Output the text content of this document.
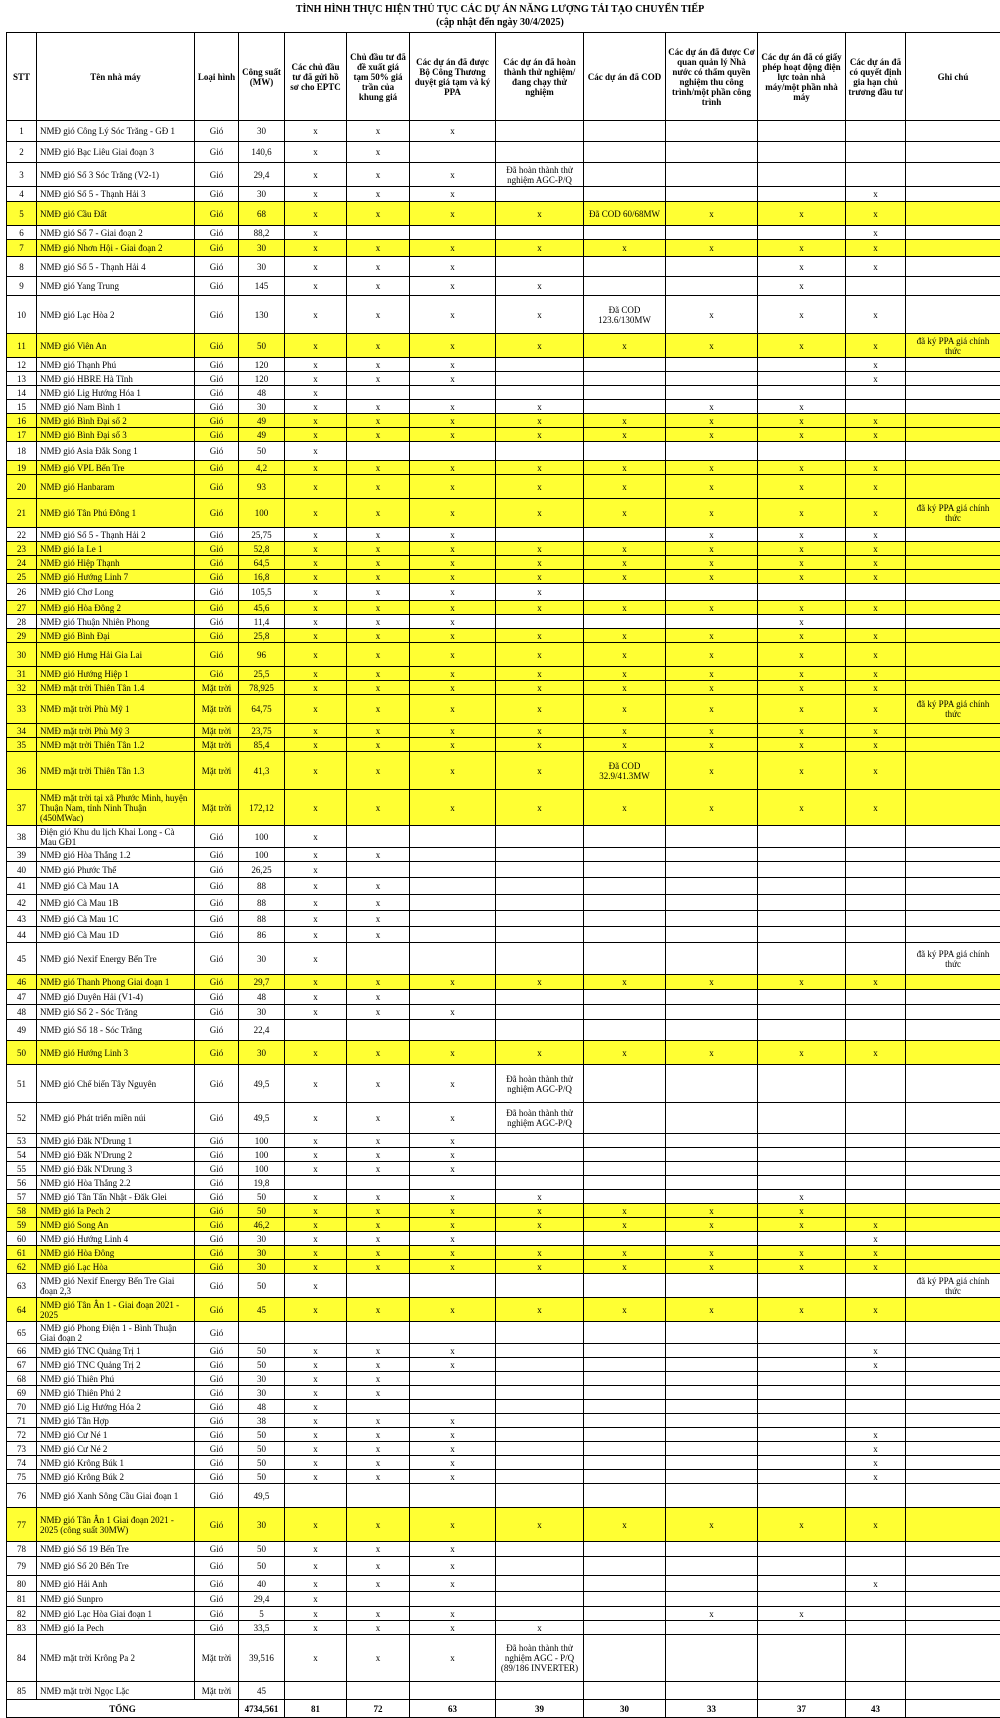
TÌNH HÌNH THỰC HIỆN THỦ TỤC CÁC DỰ ÁN NĂNG LƯỢNG TÁI TẠO CHUYỂN TIẾP
(cập nhật đến ngày 30/4/2025)
STT	Tên nhà máy	Loại hình	Công suất (MW)	Các chủ đầu tư đã gửi hồ sơ cho EPTC	Chủ đầu tư đã đề xuất giá tạm 50% giá trần của khung giá	Các dự án đã được Bộ Công Thương duyệt giá tạm và ký PPA	Các dự án đã hoàn thành thử nghiệm/đang chạy thử nghiệm	Các dự án đã COD	Các dự án đã được Cơ quan quản lý Nhà nước có thẩm quyền nghiệm thu công trình/một phần công trình	Các dự án đã có giấy phép hoạt động điện lực toàn nhà máy/một phần nhà máy	Các dự án đã có quyết định gia hạn chủ trương đầu tư	Ghi chú
1	NMĐ gió Công Lý Sóc Trăng - GĐ 1	Gió	30	x	x	x						
2	NMĐ gió Bạc Liêu Giai đoạn 3	Gió	140,6	x	x							
3	NMĐ gió Số 3 Sóc Trăng (V2-1)	Gió	29,4	x	x	x	Đã hoàn thành thử nghiệm AGC-P/Q					
4	NMĐ gió Số 5 - Thạnh Hải 3	Gió	30	x	x	x					x	
5	NMĐ gió Cầu Đất	Gió	68	x	x	x	x	Đã COD 60/68MW	x	x	x	
6	NMĐ gió Số 7 - Giai đoạn 2	Gió	88,2	x							x	
7	NMĐ gió Nhơn Hội - Giai đoạn 2	Gió	30	x	x	x	x	x	x	x	x	
8	NMĐ gió Số 5 - Thạnh Hải 4	Gió	30	x	x	x				x	x	
9	NMĐ gió Yang Trung	Gió	145	x	x	x	x			x		
10	NMĐ gió Lạc Hòa 2	Gió	130	x	x	x	x	Đã COD 123.6/130MW	x	x	x	
11	NMĐ gió Viên An	Gió	50	x	x	x	x	x	x	x	x	đã ký PPA giá chính thức
12	NMĐ gió Thạnh Phú	Gió	120	x	x	x					x	
13	NMĐ gió HBRE Hà Tĩnh	Gió	120	x	x	x					x	
14	NMĐ gió Lig Hướng Hóa 1	Gió	48	x								
15	NMĐ gió Nam Bình 1	Gió	30	x	x	x	x		x	x		
16	NMĐ gió Bình Đại số 2	Gió	49	x	x	x	x	x	x	x	x	
17	NMĐ gió Bình Đại số 3	Gió	49	x	x	x	x	x	x	x	x	
18	NMĐ gió Asia Đắk Song 1	Gió	50	x								
19	NMĐ gió VPL Bến Tre	Gió	4,2	x	x	x	x	x	x	x	x	
20	NMĐ gió Hanbaram	Gió	93	x	x	x	x	x	x	x	x	
21	NMĐ gió Tân Phú Đông 1	Gió	100	x	x	x	x	x	x	x	x	đã ký PPA giá chính thức
22	NMĐ gió Số 5 - Thạnh Hải 2	Gió	25,75	x	x	x			x	x	x	
23	NMĐ gió Ia Le 1	Gió	52,8	x	x	x	x	x	x	x	x	
24	NMĐ gió Hiệp Thạnh	Gió	64,5	x	x	x	x	x	x	x	x	
25	NMĐ gió Hướng Linh 7	Gió	16,8	x	x	x	x	x	x	x	x	
26	NMĐ gió Chơ Long	Gió	105,5	x	x	x	x					
27	NMĐ gió Hòa Đông 2	Gió	45,6	x	x	x	x	x	x	x	x	
28	NMĐ gió Thuận Nhiên Phong	Gió	11,4	x	x	x				x		
29	NMĐ gió Bình Đại	Gió	25,8	x	x	x	x	x	x	x	x	
30	NMĐ gió Hưng Hải Gia Lai	Gió	96	x	x	x	x	x	x	x	x	
31	NMĐ gió Hướng Hiệp 1	Gió	25,5	x	x	x	x	x	x	x	x	
32	NMĐ mặt trời Thiên Tân 1.4	Mặt trời	78,925	x	x	x	x	x	x	x	x	
33	NMĐ mặt trời Phù Mỹ 1	Mặt trời	64,75	x	x	x	x	x	x	x	x	đã ký PPA giá chính thức
34	NMĐ mặt trời Phù Mỹ 3	Mặt trời	23,75	x	x	x	x	x	x	x	x	
35	NMĐ mặt trời Thiên Tân 1.2	Mặt trời	85,4	x	x	x	x	x	x	x	x	
36	NMĐ mặt trời Thiên Tân 1.3	Mặt trời	41,3	x	x	x	x	Đã COD 32.9/41.3MW	x	x	x	
37	NMĐ mặt trời tại xã Phước Minh, huyện Thuận Nam, tỉnh Ninh Thuận (450MWac)	Mặt trời	172,12	x	x	x	x	x	x	x	x	
38	Điện gió Khu du lịch Khai Long - Cà Mau GĐ1	Gió	100	x								
39	NMĐ gió Hòa Thắng 1.2	Gió	100	x	x							
40	NMĐ gió Phước Thể	Gió	26,25	x								
41	NMĐ gió Cà Mau 1A	Gió	88	x	x							
42	NMĐ gió Cà Mau 1B	Gió	88	x	x							
43	NMĐ gió Cà Mau 1C	Gió	88	x	x							
44	NMĐ gió Cà Mau 1D	Gió	86	x	x							
45	NMĐ gió Nexif Energy Bến Tre	Gió	30	x								đã ký PPA giá chính thức
46	NMĐ gió Thanh Phong Giai đoạn 1	Gió	29,7	x	x	x	x	x	x	x	x	
47	NMĐ gió Duyên Hải (V1-4)	Gió	48	x	x							
48	NMĐ gió Số 2 - Sóc Trăng	Gió	30	x	x	x						
49	NMĐ gió Số 18 - Sóc Trăng	Gió	22,4									
50	NMĐ gió Hướng Linh 3	Gió	30	x	x	x	x	x	x	x	x	
51	NMĐ gió Chế biến Tây Nguyên	Gió	49,5	x	x	x	Đã hoàn thành thử nghiệm AGC-P/Q					
52	NMĐ gió Phát triển miền núi	Gió	49,5	x	x	x	Đã hoàn thành thử nghiệm AGC-P/Q					
53	NMĐ gió Đăk N'Drung 1	Gió	100	x	x	x						
54	NMĐ gió Đăk N'Drung 2	Gió	100	x	x	x						
55	NMĐ gió Đăk N'Drung 3	Gió	100	x	x	x						
56	NMĐ gió Hòa Thắng 2.2	Gió	19,8									
57	NMĐ gió Tân Tấn Nhật - Đăk Glei	Gió	50	x	x	x	x			x		
58	NMĐ gió Ia Pech 2	Gió	50	x	x	x	x	x	x	x		
59	NMĐ gió Song An	Gió	46,2	x	x	x	x	x	x	x	x	
60	NMĐ gió Hướng Linh 4	Gió	30	x	x	x					x	
61	NMĐ gió Hòa Đông	Gió	30	x	x	x	x	x	x	x	x	
62	NMĐ gió Lạc Hòa	Gió	30	x	x	x	x	x	x	x	x	
63	NMĐ gió Nexif Energy Bến Tre Giai đoạn 2,3	Gió	50	x								đã ký PPA giá chính thức
64	NMĐ gió Tân Ân 1 - Giai đoạn 2021 - 2025	Gió	45	x	x	x	x	x	x	x	x	
65	NMĐ gió Phong Điện 1 - Bình Thuận Giai đoạn 2	Gió										
66	NMĐ gió TNC Quảng Trị 1	Gió	50	x	x	x					x	
67	NMĐ gió TNC Quảng Trị 2	Gió	50	x	x	x					x	
68	NMĐ gió Thiên Phú	Gió	30	x	x							
69	NMĐ gió Thiên Phú 2	Gió	30	x	x							
70	NMĐ gió Lig Hướng Hóa 2	Gió	48	x								
71	NMĐ gió Tân Hợp	Gió	38	x	x	x						
72	NMĐ gió Cư Né 1	Gió	50	x	x	x					x	
73	NMĐ gió Cư Né 2	Gió	50	x	x	x					x	
74	NMĐ gió Krông Búk 1	Gió	50	x	x	x					x	
75	NMĐ gió Krông Búk 2	Gió	50	x	x	x					x	
76	NMĐ gió Xanh Sông Cầu Giai đoạn 1	Gió	49,5									
77	NMĐ gió Tân Ân 1 Giai đoạn 2021 - 2025 (công suất 30MW)	Gió	30	x	x	x	x	x	x	x	x	
78	NMĐ gió Số 19 Bến Tre	Gió	50	x	x	x						
79	NMĐ gió Số 20 Bến Tre	Gió	50	x	x	x						
80	NMĐ gió Hải Anh	Gió	40	x	x	x					x	
81	NMĐ gió Sunpro	Gió	29,4	x								
82	NMĐ gió Lạc Hòa Giai đoạn 1	Gió	5	x	x	x			x	x		
83	NMĐ gió Ia Pech	Gió	33,5	x	x	x	x					
84	NMĐ mặt trời Krông Pa 2	Mặt trời	39,516	x	x	x	Đã hoàn thành thử nghiệm AGC - P/Q (89/186 INVERTER)					
85	NMĐ mặt trời Ngọc Lặc	Mặt trời	45									
TỔNG			4734,561	81	72	63	39	30	33	37	43	
